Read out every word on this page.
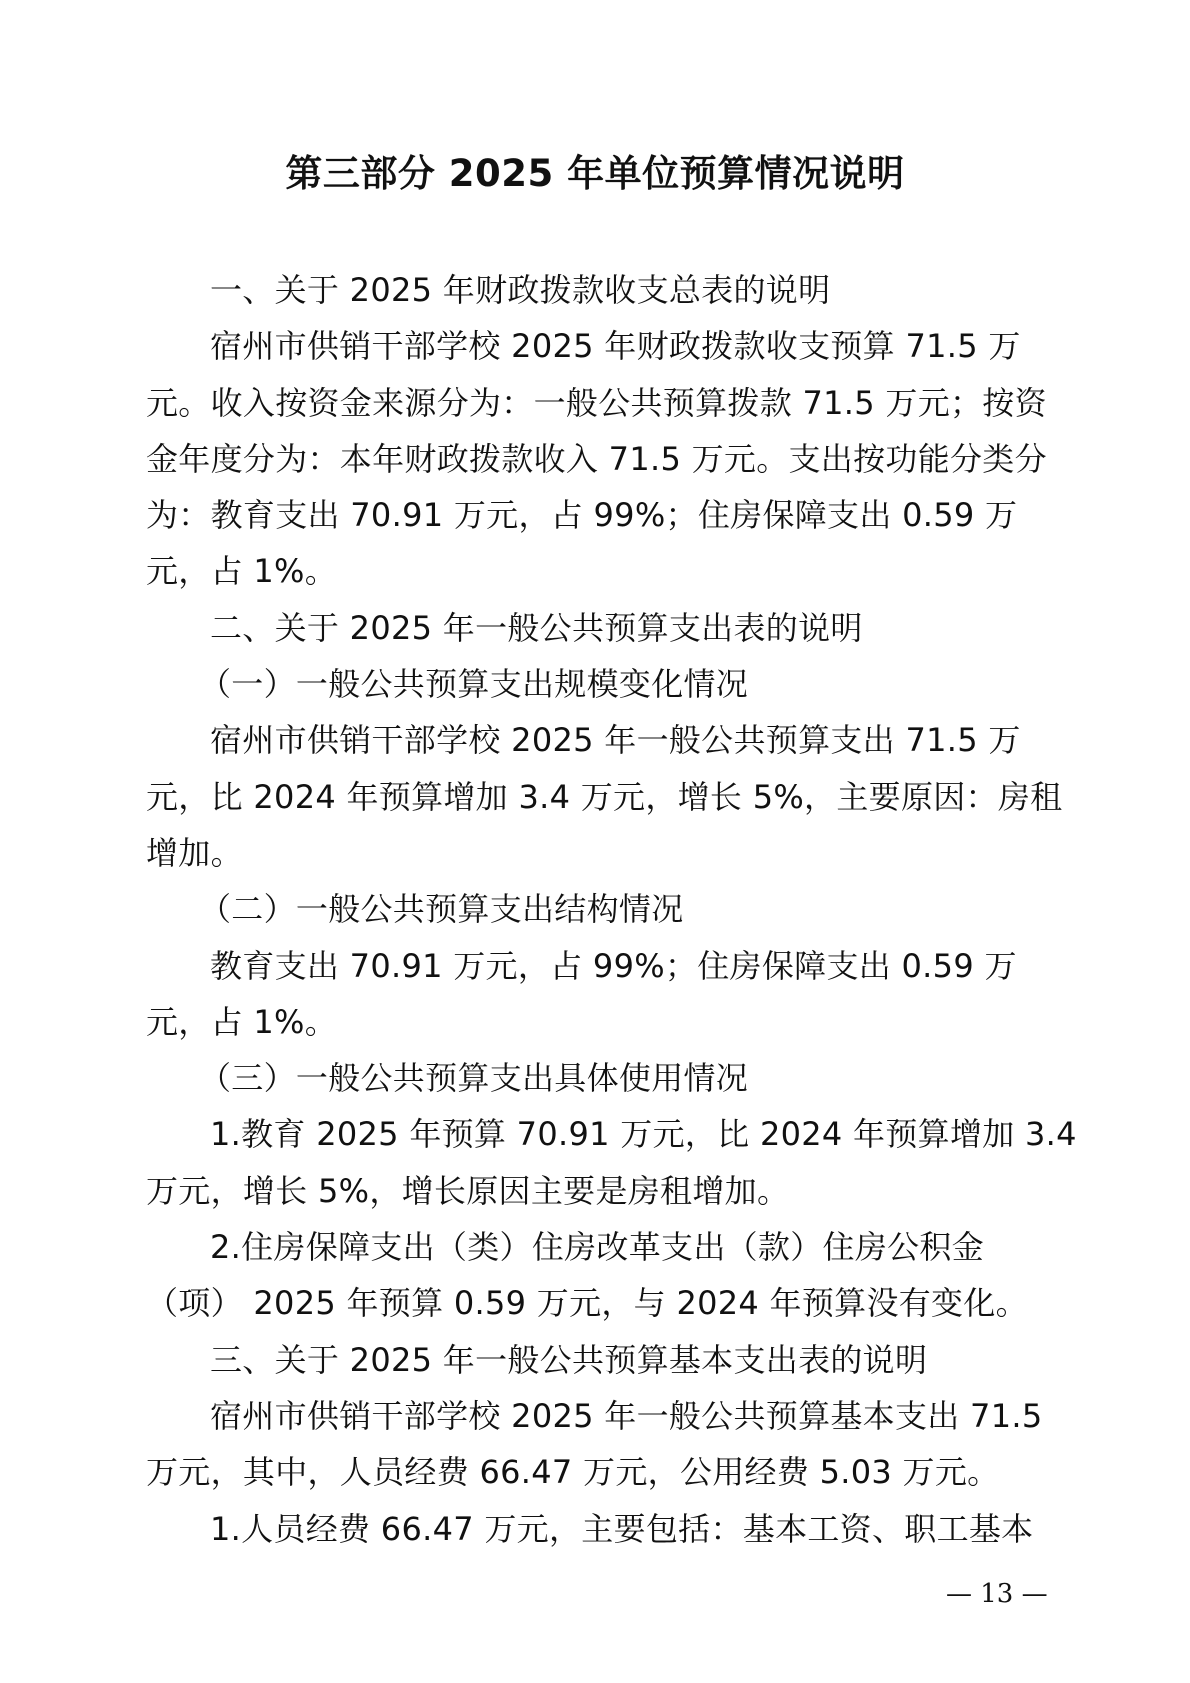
第三部分 2025 年单位预算情况说明
一、关于 2025 年财政拨款收支总表的说明
宿州市供销干部学校 2025 年财政拨款收支预算 71.5 万
元。收入按资金来源分为：一般公共预算拨款 71.5 万元；按资
金年度分为：本年财政拨款收入 71.5 万元。支出按功能分类分
为：教育支出 70.91 万元，占 99%；住房保障支出 0.59 万
元，占 1%。
二、关于 2025 年一般公共预算支出表的说明
（一）一般公共预算支出规模变化情况
宿州市供销干部学校 2025 年一般公共预算支出 71.5 万
元，比 2024 年预算增加 3.4 万元，增长 5%，主要原因：房租
增加。
（二）一般公共预算支出结构情况
教育支出 70.91 万元，占 99%；住房保障支出 0.59 万
元，占 1%。
（三）一般公共预算支出具体使用情况
1.教育 2025 年预算 70.91 万元，比 2024 年预算增加 3.4
万元，增长 5%，增长原因主要是房租增加。
2.住房保障支出（类）住房改革支出（款）住房公积金
（项） 2025 年预算 0.59 万元，与 2024 年预算没有变化。
三、关于 2025 年一般公共预算基本支出表的说明
宿州市供销干部学校 2025 年一般公共预算基本支出 71.5
万元，其中，人员经费 66.47 万元，公用经费 5.03 万元。
1.人员经费 66.47 万元，主要包括：基本工资、职工基本
— 13 —
